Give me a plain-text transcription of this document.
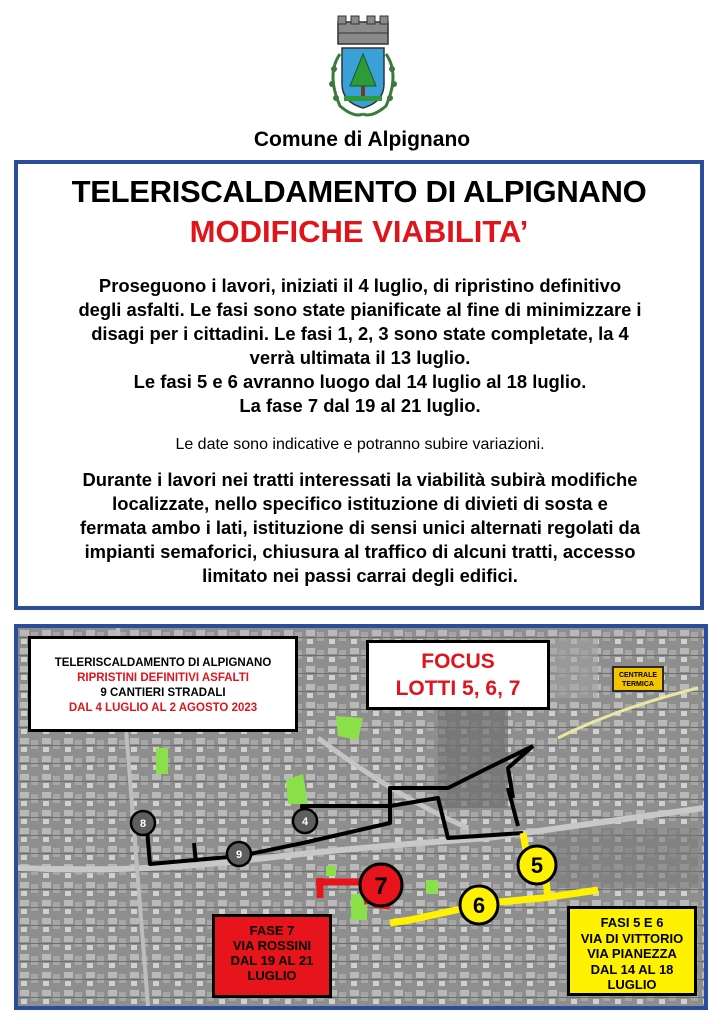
Comune di Alpignano
TELERISCALDAMENTO DI ALPIGNANO
MODIFICHE VIABILITA’
Proseguono i lavori, iniziati il 4 luglio, di ripristino definitivo
degli asfalti. Le fasi sono state pianificate al fine di minimizzare i
disagi per i cittadini. Le fasi 1, 2, 3 sono state completate, la 4
verrà ultimata il 13 luglio.
Le fasi 5 e 6 avranno luogo dal 14 luglio al 18 luglio.
La fase 7 dal 19 al 21 luglio.
Le date sono indicative e potranno subire variazioni.
Durante i lavori nei tratti interessati la viabilità subirà modifiche
localizzate, nello specifico istituzione di divieti di sosta e
fermata ambo i lati, istituzione di sensi unici alternati regolati da
impianti semaforici, chiusura al traffico di alcuni tratti, accesso
limitato nei passi carrai degli edifici.
8
9
4
7
6
5
TELERISCALDAMENTO DI ALPIGNANO
RIPRISTINI DEFINITIVI ASFALTI
9 CANTIERI STRADALI
DAL 4 LUGLIO AL 2 AGOSTO 2023
FOCUS
LOTTI 5, 6, 7
CENTRALE
TERMICA
FASE 7
VIA ROSSINI
DAL 19 AL 21
LUGLIO
FASI 5 E 6
VIA DI VITTORIO
VIA PIANEZZA
DAL 14 AL 18
LUGLIO
